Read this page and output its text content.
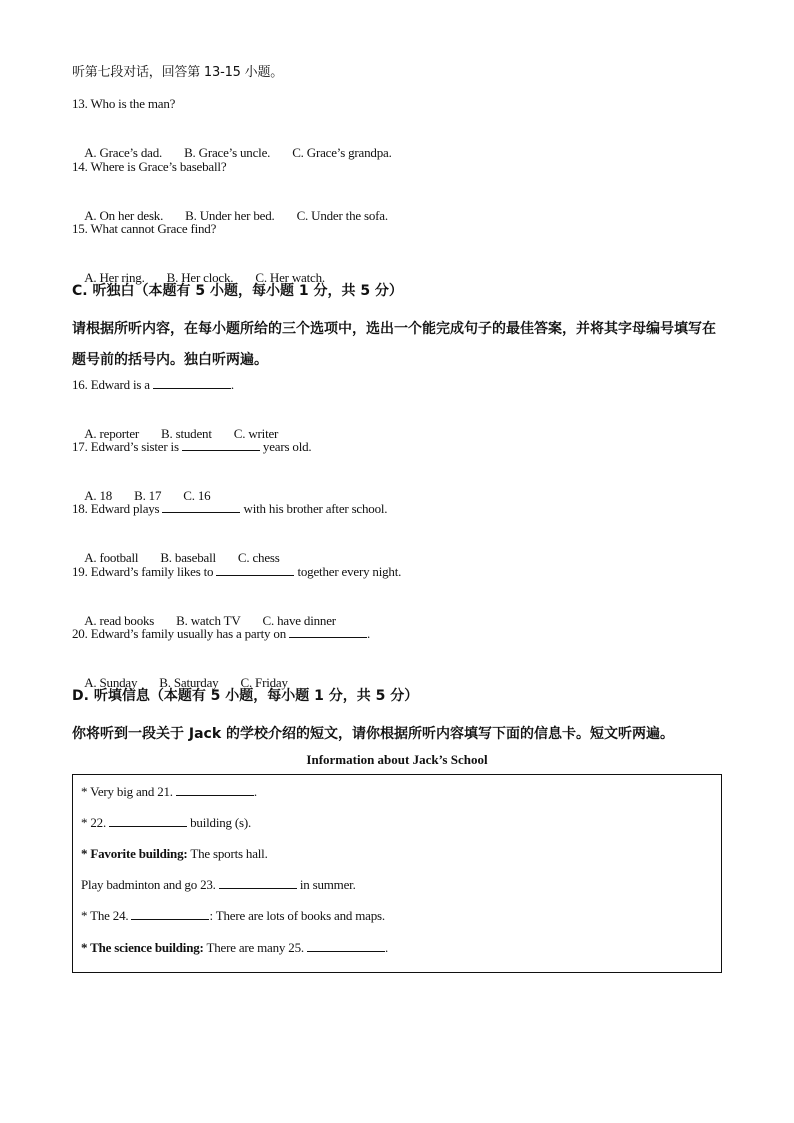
听第七段对话，回答第 13-15 小题。
13. Who is the man?

A. Grace’s dad. B. Grace’s uncle. C. Grace’s grandpa.

14. Where is Grace’s baseball?

A. On her desk. B. Under her bed. C. Under the sofa.

15. What cannot Grace find?

A. Her ring. B. Her clock. C. Her watch.

C. 听独白（本题有 5 小题，每小题 1 分，共 5 分）
请根据所听内容，在每小题所给的三个选项中，选出一个能完成句子的最佳答案，并将其字母编号填写在题号前的括号内。独白听两遍。
16. Edward is a	.

A. reporter B. student C. writer

17. Edward’s sister is	years old.

A. 18 B. 17 C. 16

18. Edward plays	with his brother after school.

A. football B. baseball C. chess

19. Edward’s family likes to	together every night.

A. read books B. watch TV C. have dinner

20. Edward’s family usually has a party on	.

A. Sunday B. Saturday C. Friday

D. 听填信息（本题有 5 小题，每小题 1 分，共 5 分）
你将听到一段关于 Jack 的学校介绍的短文，请你根据所听内容填写下面的信息卡。短文听两遍。
Information about Jack’s School
* Very big and 21.	.
* 22.	building (s).
* Favorite building: The sports hall.
Play badminton and go 23.	in summer.
* The 24.	: There are lots of books and maps.
* The science building: There are many 25.	.
